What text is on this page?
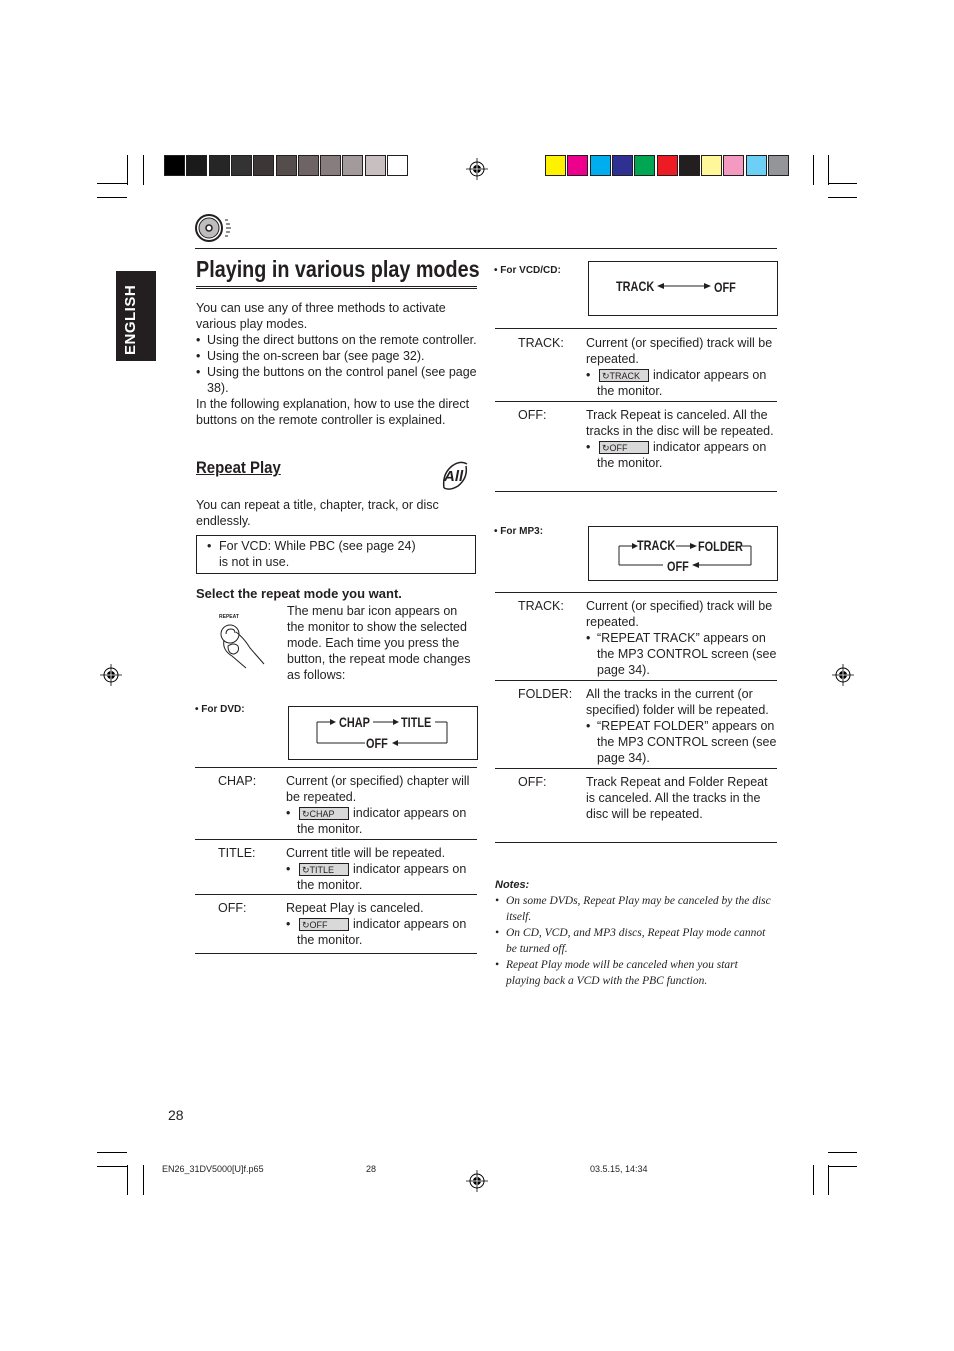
ENGLISH
Playing in various play modes
You can use any of three methods to activate various play modes.
• Using the direct buttons on the remote controller.
• Using the on-screen bar (see page 32).
• Using the buttons on the control panel (see page 38).
In the following explanation, how to use the direct buttons on the remote controller is explained.
Repeat Play	All
You can repeat a title, chapter, track, or disc endlessly.
• For VCD: While PBC (see page 24) is not in use.
Select the repeat mode you want.
REPEAT	The menu bar icon appears on the monitor to show the selected mode. Each time you press the button, the repeat mode changes as follows:
• For DVD:
CHAP TITLE
OFF
CHAP: Current (or specified) chapter will be repeated.
• ↻CHAP indicator appears on the monitor.
TITLE: Current title will be repeated.
• ↻TITLE indicator appears on the monitor.
OFF:	Repeat Play is canceled.
• ↻OFF indicator appears on the monitor.
• For VCD/CD:
TRACK	OFF
TRACK: Current (or specified) track will be repeated.
• ↻TRACK indicator appears on the monitor.
OFF:	Track Repeat is canceled. All the tracks in the disc will be repeated.
• ↻OFF indicator appears on the monitor.
• For MP3:
TRACK FOLDER
OFF
TRACK: Current (or specified) track will be repeated.
• “REPEAT TRACK” appears on the MP3 CONTROL screen (see page 34).
FOLDER: All the tracks in the current (or specified) folder will be repeated.
• “REPEAT FOLDER” appears on the MP3 CONTROL screen (see page 34).
OFF:	Track Repeat and Folder Repeat is canceled. All the tracks in the disc will be repeated.
Notes:
• On some DVDs, Repeat Play may be canceled by the disc itself.
• On CD, VCD, and MP3 discs, Repeat Play mode cannot be turned off.
• Repeat Play mode will be canceled when you start playing back a VCD with the PBC function.
28
EN26_31DV5000[U]f.p65	28	03.5.15, 14:34
